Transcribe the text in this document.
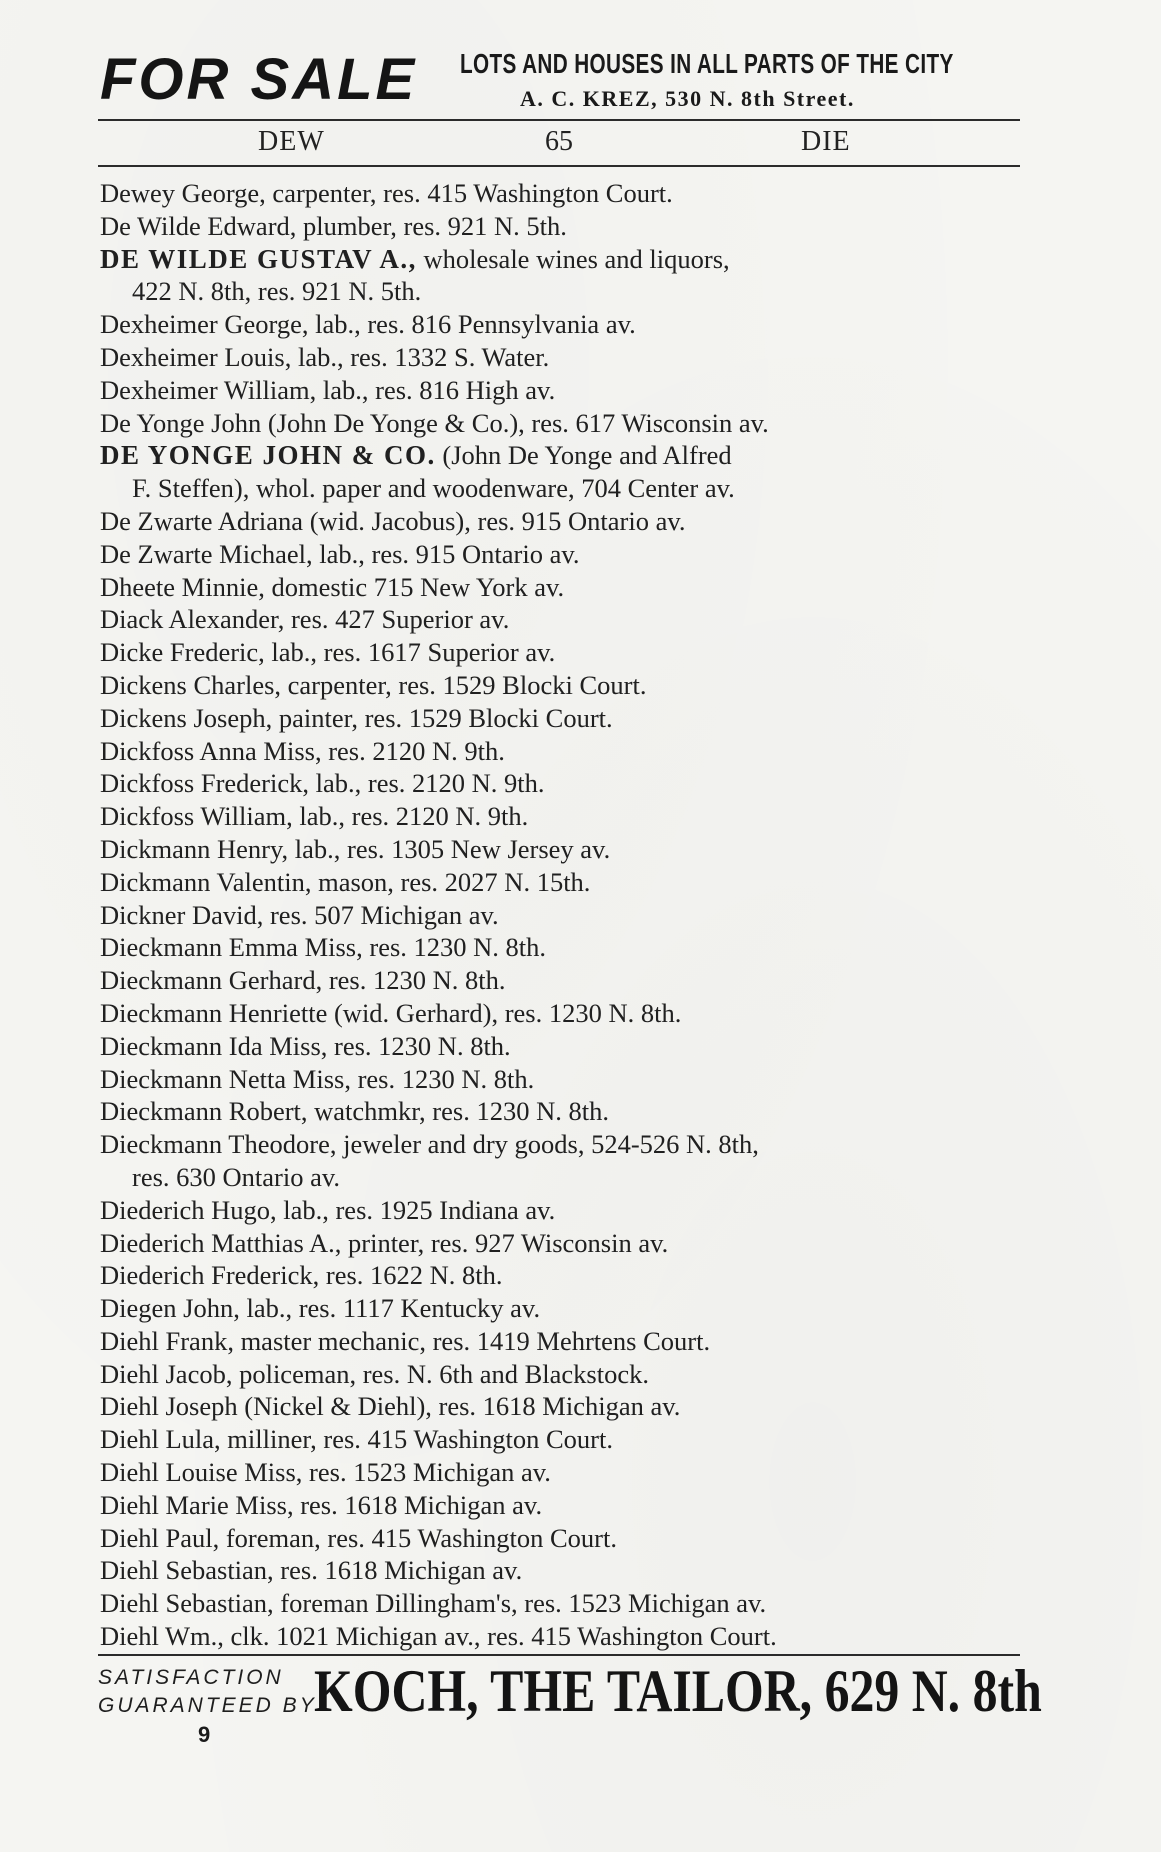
FOR SALE LOTS AND HOUSES IN ALL PARTS OF THE CITY
A. C. KREZ, 530 N. 8th Street.
DEW	65	DIE
Dewey George, carpenter, res. 415 Washington Court.
De Wilde Edward, plumber, res. 921 N. 5th.
DE WILDE GUSTAV A., wholesale wines and liquors,
422 N. 8th, res. 921 N. 5th.
Dexheimer George, lab., res. 816 Pennsylvania av.
Dexheimer Louis, lab., res. 1332 S. Water.
Dexheimer William, lab., res. 816 High av.
De Yonge John (John De Yonge & Co.), res. 617 Wisconsin av.
DE YONGE JOHN & CO. (John De Yonge and Alfred
F. Steffen), whol. paper and woodenware, 704 Center av.
De Zwarte Adriana (wid. Jacobus), res. 915 Ontario av.
De Zwarte Michael, lab., res. 915 Ontario av.
Dheete Minnie, domestic 715 New York av.
Diack Alexander, res. 427 Superior av.
Dicke Frederic, lab., res. 1617 Superior av.
Dickens Charles, carpenter, res. 1529 Blocki Court.
Dickens Joseph, painter, res. 1529 Blocki Court.
Dickfoss Anna Miss, res. 2120 N. 9th.
Dickfoss Frederick, lab., res. 2120 N. 9th.
Dickfoss William, lab., res. 2120 N. 9th.
Dickmann Henry, lab., res. 1305 New Jersey av.
Dickmann Valentin, mason, res. 2027 N. 15th.
Dickner David, res. 507 Michigan av.
Dieckmann Emma Miss, res. 1230 N. 8th.
Dieckmann Gerhard, res. 1230 N. 8th.
Dieckmann Henriette (wid. Gerhard), res. 1230 N. 8th.
Dieckmann Ida Miss, res. 1230 N. 8th.
Dieckmann Netta Miss, res. 1230 N. 8th.
Dieckmann Robert, watchmkr, res. 1230 N. 8th.
Dieckmann Theodore, jeweler and dry goods, 524-526 N. 8th,
res. 630 Ontario av.
Diederich Hugo, lab., res. 1925 Indiana av.
Diederich Matthias A., printer, res. 927 Wisconsin av.
Diederich Frederick, res. 1622 N. 8th.
Diegen John, lab., res. 1117 Kentucky av.
Diehl Frank, master mechanic, res. 1419 Mehrtens Court.
Diehl Jacob, policeman, res. N. 6th and Blackstock.
Diehl Joseph (Nickel & Diehl), res. 1618 Michigan av.
Diehl Lula, milliner, res. 415 Washington Court.
Diehl Louise Miss, res. 1523 Michigan av.
Diehl Marie Miss, res. 1618 Michigan av.
Diehl Paul, foreman, res. 415 Washington Court.
Diehl Sebastian, res. 1618 Michigan av.
Diehl Sebastian, foreman Dillingham's, res. 1523 Michigan av.
Diehl Wm., clk. 1021 Michigan av., res. 415 Washington Court.
SATISFACTION
GUARANTEED BY
KOCH, THE TAILOR, 629 N. 8th
9
